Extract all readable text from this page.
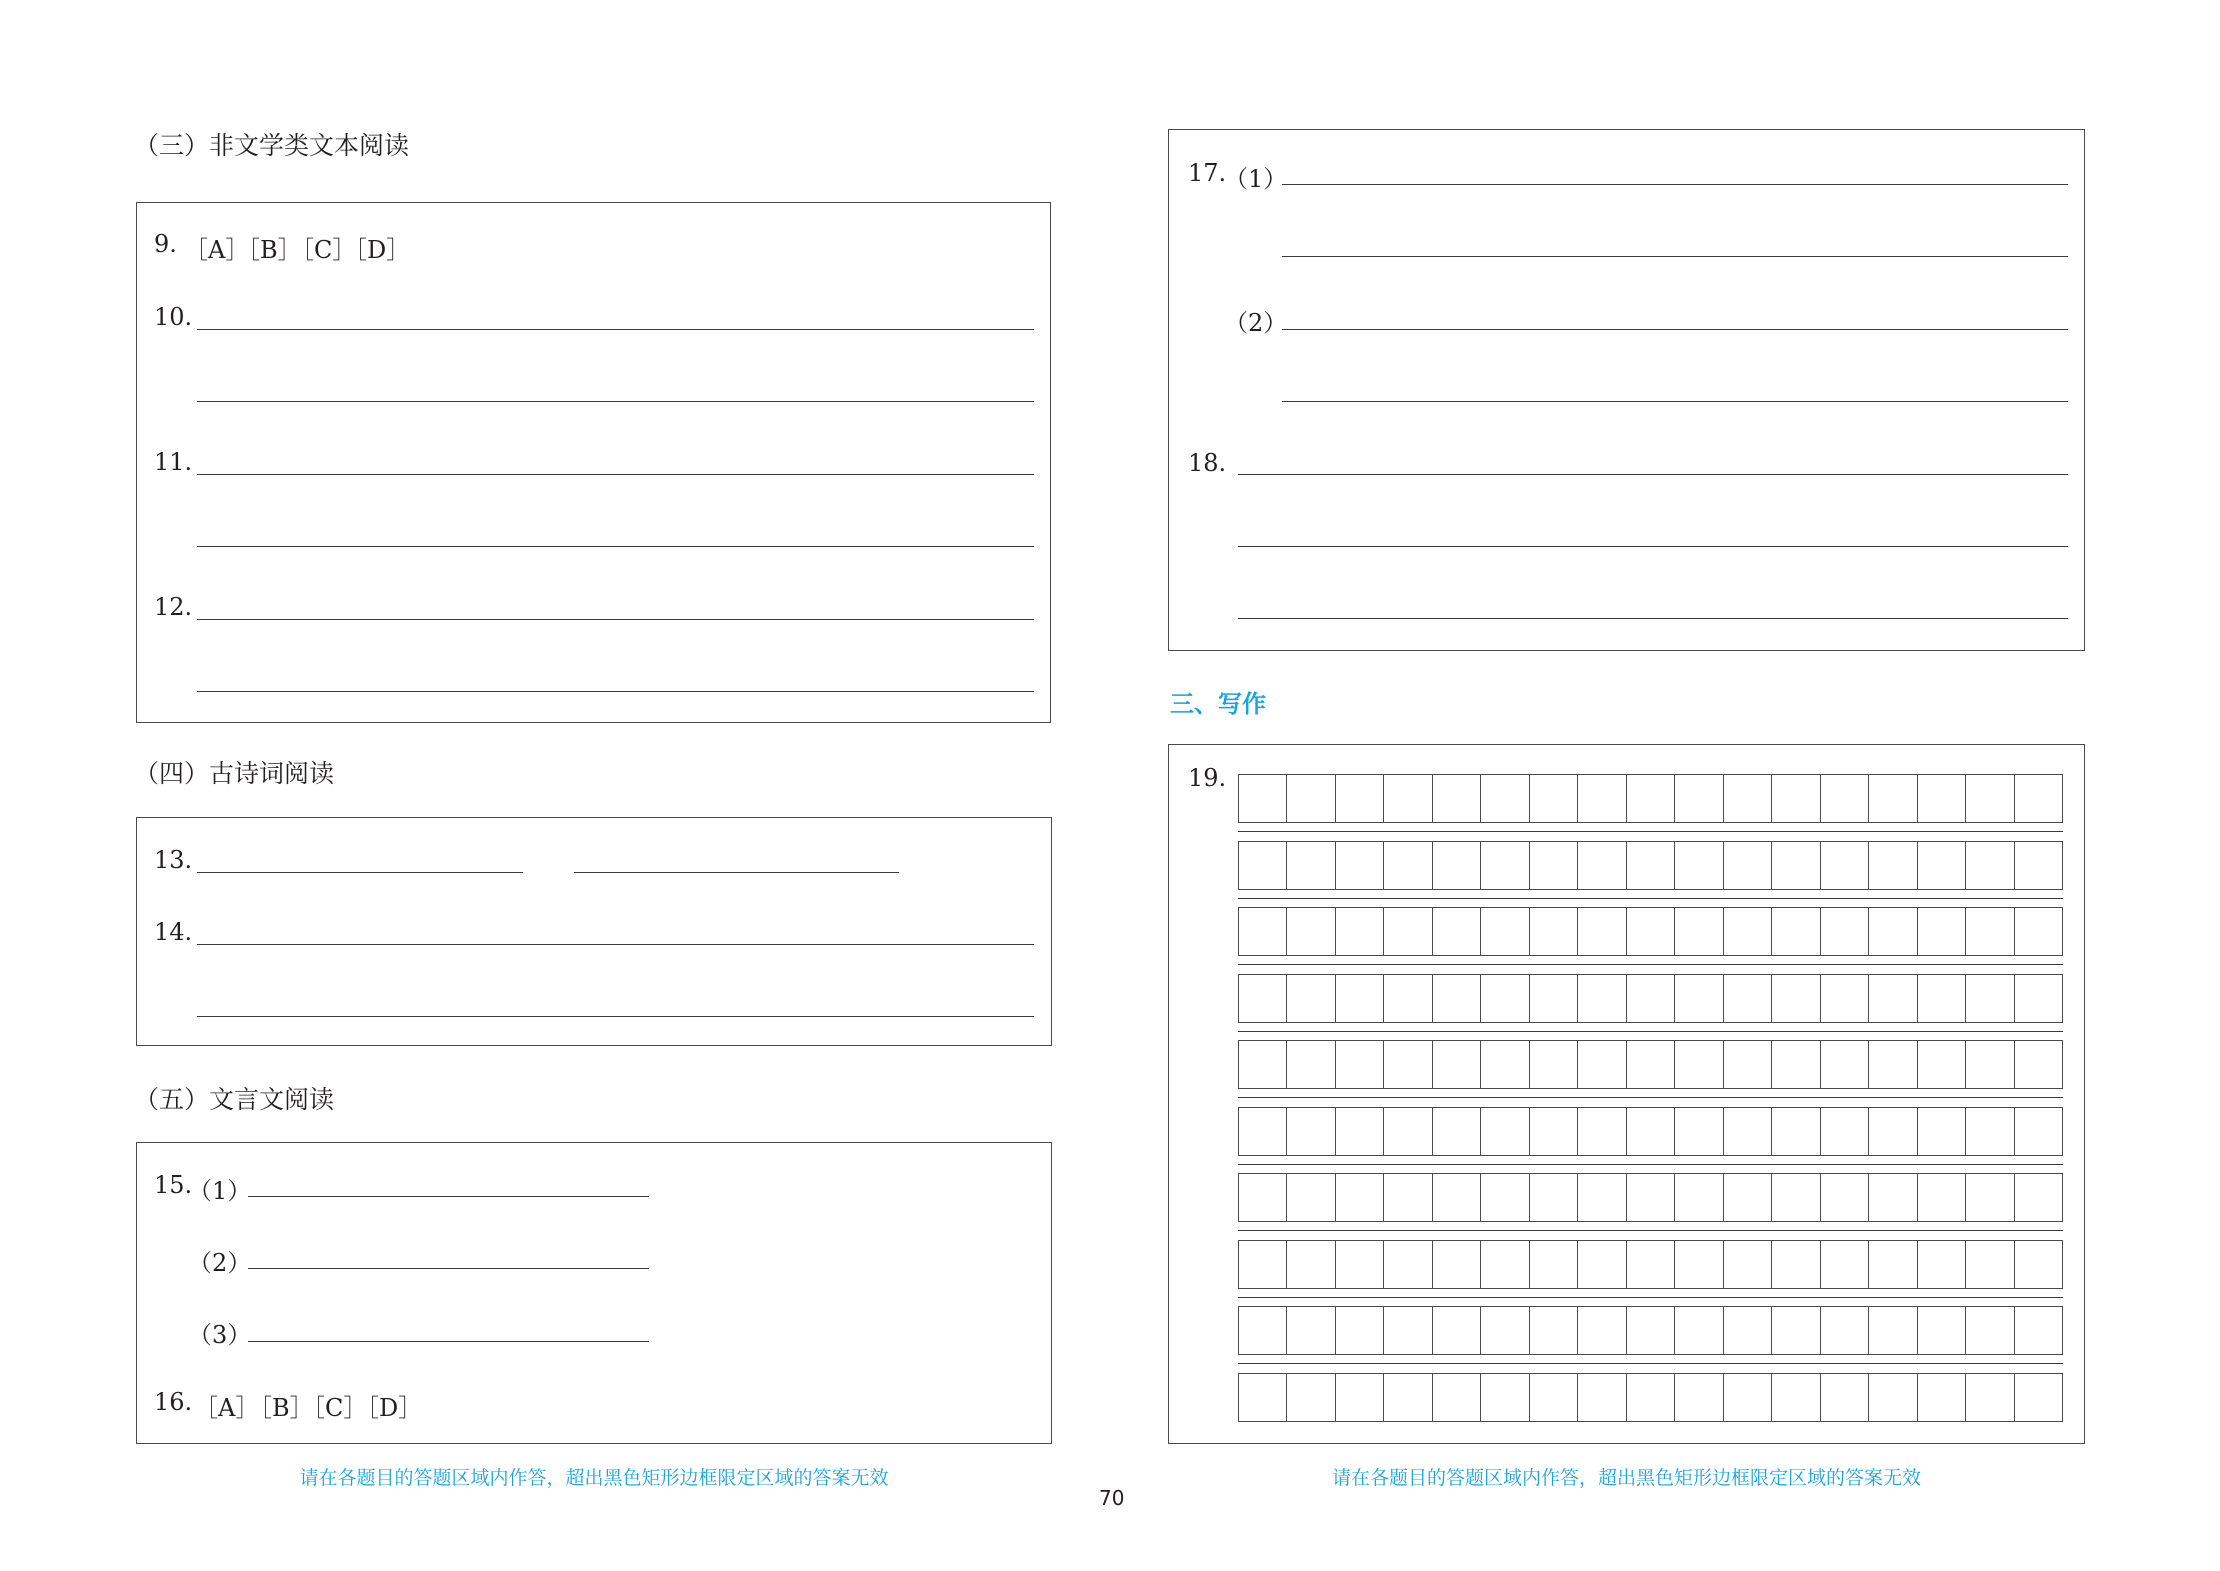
（三）非文学类文本阅读
9. ［A］
［B］
［C］
［D］
10.
11.
12.
（四）古诗词阅读
13.
14.
（五）文言文阅读
15.
（1）
（2）
（3）
16. ［A］
［B］
［C］
［D］
请在各题目的答题区域内作答，超出黑色矩形边框限定区域的答案无效
17.
（1）
（2）
18.
三、写作
19.
请在各题目的答题区域内作答，超出黑色矩形边框限定区域的答案无效
70
